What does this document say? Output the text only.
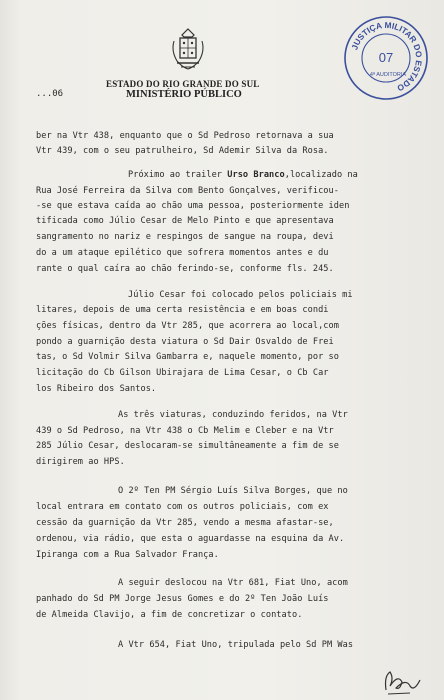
ESTADO DO RIO GRANDE DO SUL
MINISTÉRIO PÚBLICO
...06
JUSTIÇA MILITAR DO ESTADO
07
4ª AUDITORIA
ber na Vtr 438, enquanto que o Sd Pedroso retornava a sua
Vtr 439, com o seu patrulheiro, Sd Ademir Silva da Rosa.
Próximo ao trailer Urso Branco,localizado na
Rua José Ferreira da Silva com Bento Gonçalves, verificou-
-se que estava caída ao chão uma pessoa, posteriormente iden
tificada como Júlio Cesar de Melo Pinto e que apresentava
sangramento no nariz e respingos de sangue na roupa, devi
do a um ataque epilético que sofrera momentos antes e du
rante o qual caíra ao chão ferindo-se, conforme fls. 245.
Júlio Cesar foi colocado pelos policiais mi
litares, depois de uma certa resistência e em boas condi
ções físicas, dentro da Vtr 285, que acorrera ao local,com
pondo a guarnição desta viatura o Sd Dair Osvaldo de Frei
tas, o Sd Volmir Silva Gambarra e, naquele momento, por so
licitação do Cb Gilson Ubirajara de Lima Cesar, o Cb Car
los Ribeiro dos Santos.
As três viaturas, conduzindo feridos, na Vtr
439 o Sd Pedroso, na Vtr 438 o Cb Melim e Cleber e na Vtr
285 Júlio Cesar, deslocaram-se simultâneamente a fim de se
dirigirem ao HPS.
O 2º Ten PM Sérgio Luís Silva Borges, que no
local entrara em contato com os outros policiais, com ex
cessão da guarnição da Vtr 285, vendo a mesma afastar-se,
ordenou, via rádio, que esta o aguardasse na esquina da Av.
Ipiranga com a Rua Salvador França.
A seguir deslocou na Vtr 681, Fiat Uno, acom
panhado do Sd PM Jorge Jesus Gomes e do 2º Ten João Luís
de Almeida Clavijo, a fim de concretizar o contato.
A Vtr 654, Fiat Uno, tripulada pelo Sd PM Was
